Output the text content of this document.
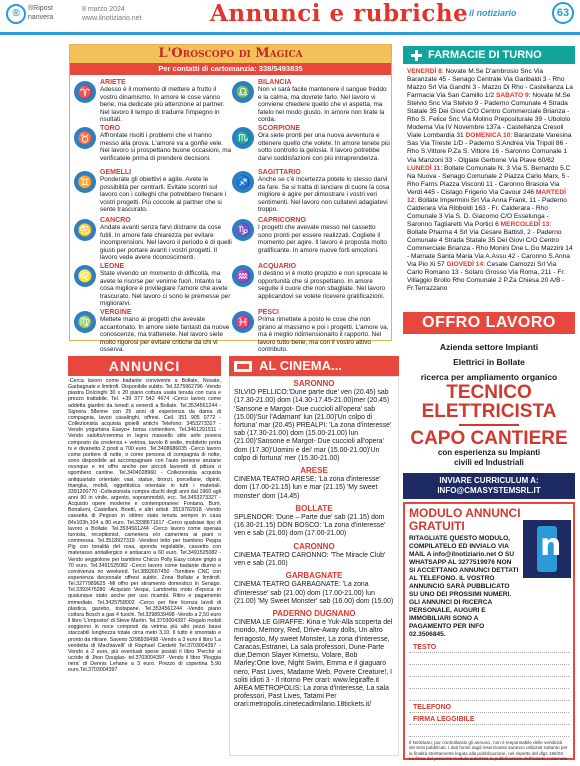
®	®Ripost
nanvera
8 marzo 2024
www.ilnotiziario.net	Annunci e rubriche il notiziario	63
L'Oroscopo di Magica
Per contatti di cartomanzia: 338/5493835
♈
ARIETE
Adesso è il momento di mettere a frutto il vostro dinamismo. In amore le cose vanno bene, ma dedicate più attenzione al partner. Nel lavoro il tempo di tradurre l'impegno in risultati.
♉
TORO
Affrontate risolti i problemi che vi hanno messo alla prova. L'amore va a gonfie vele. Nel lavoro si prospettano buone occasioni, ma verificatele prima di prendere decisioni.
♊
GEMELLI
Ponderate gli obiettivi e agite. Avete le possibilità per centrarli. Evitate scontri sul lavoro con i colleghi che potrebbero frenare i vostri progetti. Più coccole al partner che si sente trascurato.
♋
CANCRO
Andate avanti senza farvi distrarre da cose futili. In amore fate chiarezza per evitare incomprensioni. Nel lavoro il periodo è di quelli giusti per portare avanti i vostri progetti. Il lavoro vede avere riconoscimenti.
♌
LEONE
State vivendo un momento di difficoltà, ma avete le risorse per venirne fuori. Intanto la cosa migliore è privilegiare l'amore che avete trascurato. Nel lavoro ci sono le premesse per migliorarvi.
♍
VERGINE
Mettete mano ai progetti che avevate accantonato. In amore siete fantasti da nuove conoscenze, ma trattenete. Nel lavoro siete molto rigorosi per evitare critiche da chi vi osserva.
♎
BILANCIA
Non vi sarà facile mantenere il sangue freddo e la calma, ma dovrete farlo. Nel lavoro vi conviene chiedere quello che vi aspetta, ma fatelo nel modo giusto. In amore non tirate la corda.
♏
SCORPIONE
Ora siete pronti per una nuova avventura e ottenere quello che volete. In amore tenete più sotto controllo la gelosia. Il lavoro potrebbe darvi soddisfazioni con più intraprendenza.
♐
SAGITTARIO
Anche se c'è incertezza potete lo stesso darvi da fare. Se si tratta di lanciare di cuore la cosa migliore è agire per dimostrare i vostri veri sentimenti. Nel lavoro non cullatevi adagiatevi troppo.
♑
CAPRICORNO
I progetti che avevate messo nel cassetto sono pronti per essere realizzati. Cogliete il momento per agire. Il lavoro è proposta molto gratificante. In amore nuove forti emozioni.
♒
ACQUARIO
Il destino vi è molto propizio e non sprecate le opportunità che si prospettano. In amore seguite il cuore che non sbagliate. Nel lavoro applicandovi se volete ricevere gratificazioni.
♓
PESCI
Prima rimettete a posto le cose che non girano al massimo e poi i progetti. L'amore va, ma è meglio ridimensionarlo il rapporto. Nel lavoro tutto bene, ma con il vostro attivo contributo.
FARMACIE DI TURNO
VENERDÌ 8: Novate M.Se D'ambrosio Snc Via Baranzate 45 - Senago Centrale Via Garibaldi 3 - Rho Mazzo Srl Via Gandhi 3 - Mazzo Di Rho - Castellanza La Farmacia Via San Camillo 1/2 SABATO 9: Novate M.Se Stelvio Snc Via Stelvio 9 - Paderno Comunale 4 Strada Statale 35 Dei Giovi C/O Centro Commerciale Brianza - Rho S. Felice Snc Via Molino Prepositurale 39 - Ubololo Modema Via IV Novembre 137a - Castellanza Cresoli Viale Lombardia 31 DOMENICA 10: Baranzate Varesina Sas Via Trieste 1/D - Paderno S.Andrea Via Tripoli 86 - Rho S.Vittore P.Za S. Vittore 16 - Saronno Comunale 1 Via Manzoni 33 - Olgiate Gerbone Via Piave 60/62 LUNEDÌ 11: Bollate Comunale N. 3 Via S. Bernardo 5.C Na Nuova - Senago Comunale 2 Piazza Carlo Marx, 5 - Rho Farris Piazza Visconti 11 - Caronno Brasola Via Verdi 445 - Cislago Frigerio Via Cavour 246 MARTEDÌ 12: Bollate Impermini Srl Via Anna Frank, 11 - Paderno Calderara Via Ribboldi 163 - Fr. Calderara - Rho Comunale 3 Via S. D. Giacomo C/O Esselunga - Saronno Tagliaretti Via Portici 6 MERCOLEDÌ 13: Bollate Pharma 4 Srl Via Cesare Battisti, 2 - Paderno Comunale 4 Strada Statale 35 Dei Giovi C/O Centro Commerciale Brianza - Rho Monini Dne L.Go Mazzini 14 - Marnate Santa Maria Via A.Assu 42 - Caronno S.Anna Via Pio Xi 57 GIOVEDÌ 14: Cesate Camozzi Srl Via Carlo Romano 13 - Solaro Grosso Via Roma, 211 - Fr. Villaggio Brollo Rho Comunale 2 P.Za Chiesa 20 A/B - Fr.Terrazzano
OFFRO LAVORO
Azienda settore Impianti
Elettrici in Bollate
ricerca per ampliamento organico
TECNICO
ELETTRICISTA
CAPO CANTIERE
con esperienza su Impianti
civili ed Industriali
INVIARE CURRICULUM A:
INFO@CMASYSTEMSRL.IT
MODULO ANNUNCI
GRATUITI
n
RITAGLIATE QUESTO MODULO, COMPILATELO ED INVIALO VIA MAIL A info@ilnotiziario.net O SU WHATSAPP AL 3277519976 NON SI ACCETTANO ANNUNCI DETTATI AL TELEFONO. IL VOSTRO ANNUNCIO SARÀ PUBBLICATO SU UNO DEI PROSSIMI NUMERI. GLI ANNUNCI DI RICERCA PERSONALE, AUGURI E IMMOBILIARI SONO A PAGAMENTO PER INFO 02.3506845.
TESTO
TELEFONO
FIRMA LEGGIBILE
Il Notiziario, pur controllando gli annunci, non è responsabile delle veridicità dei testi pubblicati. I dati forniti dagli inserzionisti saranno utilizzati soltanto per la finalità strettamente legata alla pubblicazione, nel rispetto del dlgs 196/03. La firma del presente modulo autorizza la pubblicazione dell'inserto contenuto.
ANNUNCI
-Cerca lavoro come badante convivente a Bollate, Novate, Garbagnate e limitrofi. Disponibile subito. Tel.3275962796 -Vendo piastra Dolcinghi 30 x 20 piano cottura usata tenuta con cura e prezzo trattabile. Tel. +39 377 542 4674 -Cerco lavoro come addetta giardini da lunedì a venerdì a Bollate. Tel.3534561244 -Signora 58enne con 25 anni di esperienza da dama di compagnia, lavori casalinghi, offresi. Cell. 351 905 0772 -Collezionista acquista gioielli antichi Telefono: 3453273327 -Vendo yogurtiera Easyo+ borsa contenitore. Tel.3461291511 -Vendo salotto/cremma in legno massello stile anfe povera composto da credenza + vetrina, tavolo 8 sedie, mobiletto porta tv e divanetto 2 posti a 700 euro. Tel.3408686035 -Cerco lavoro come portiere di notte, o come persona di compagnia di notte, sono disponibile ad accompagnare con l'auto persone anziane ovunque e mi offro anche per piccoli lavoretti di pittura o sgombero cantine. Tel.3404028960 - Collezionista acquista antiquariato orientale: vasi, statue, bronzi, porcellane, dipinti, thangka, mobili, oggettistica orientale in tutti i materiali. 3391200770 -Collezionista compra dischi degli anni dal 1960 agli anni 90 in vinile, argento, soprammobili, ecc. Tel.3453273327 -Acquisto opere moderne e contemporanee: Fontana, Burri, Bonalumi, Castellani, Boetti, e altri artisti. 3519782918 -Vendo cassetta di Pegoso in ottimo stato tenuta sempre in casa 84x103h,104 a 80 euro. Tel.3338671617 -Cerco qualsiasi tipo di lavoro a Bollate. Tel.3534561244 -Cerco lavoro come operaia turnista, receptionist, cameriera e/o cameriera ai piani o commessa. Tel.3518927319 -Vendesi letto per bambino Peppa Pig con tonalità del rosa, sponda regolabile, cassetto con materasso antiallergico e antiacaro a 60 euro. Tel.3491525082 -Vendo seggiolone per bambino Chicco Polly Easy colore grigio a 70 euro. Tel.3491525082 -Cerco lavoro come badante diurno e convivenza no weekend. Tel.3892667450 -Tornitore CNC con esperienza decennale offresi subito. Zona Bollate e limitrofi. Tel.3277989625 -Mi offro per stiramento domestico in Senago. Tel.3393475280 -Acquisto Vespa, Lambretta moto d'epoca in qualunque stato anche per uso ricambi. Ritiro e pagamento immediato. Tel.3425758002 -Cerco per fine licenza lavoli di plastica, gazebo, tostapane, Tel.3534561244 -Vendo piano cottura Bosch a gas 4 fuochi. Tel.3298939498 -Vendo a 2,50 euro il libro 'L'impostor' di Steve Martin. Tel.3703004397 -Regalo mobili soggiorno in noce composti da vetrina più altri pezzi bassi staccabili lunghezza totale circa metri 3,10. Il tutto è smontato e pronto da ritirare. Saverio 3298939498 -Vendo a 3 euro il libro 'La vendetta di Machiavelli' di Raphael Cardetti Tel.3703004397 -Vendo a 2 euro, più eventuali spese postali il libro 'Perché si uccide di Jhon Douglas- tel.3703004397 -Vendo il libro 'Pioggia nera' di Dennis Lehane a 3 euro. Prezzo di copertina 5,90 euro.Tel.3703004397
AL CINEMA...
SARONNO
SILVIO PELLICO:'Dune parte due' ven (20.45) sab (17.30-21.00) dom (14.30-17.45-21.00)mer (20.45) 'Sansone e Margot- Due cuccioli all'opera' sab (15.00)'Sur l'Adamant' lun (21.00)'Un colpo di fortuna' mar (20.45) PREALPI: 'La zona d'interesse' sab (17.30-21.00) dom (15.00-21.00) lun (21.00)'Sansone e Margot- Due cuccioli all'opera' dom (17.30)'Uomini e dei' mar (15.00-21.00)'Un colpo di fortuna' mer (15.30-21.00)
ARESE
CINEMA TEATRO ARESE: 'La zona d'interesse' dom (17.00-21.15) lun e mar (21.15) 'My sweet monster' dom (14.45)
BOLLATE
SPLENDOR: 'Dune – Parte due' sab (21.15) dom (16.30-21.15) DON BOSCO: 'La zona d'interesse' ven e sab (21.00) dom (17.00-21.00)
CARONNO
CINEMA TEATRO CARONNO: 'The Miracle Club' ven e sab (21.00)
GARBAGNATE
CINEMA TEATRO GARBAGNATE: 'La zona d'interesse' sab (21.00) dom (17.00-21.00) lun (21.00) 'My Sweet Monster' sab (16.00) dom (15.00)
PADERNO DUGNANO
CINEMA LE GIRAFFE: Kina e Yuk-Alla scoperta del mondo, Memory, Red, Drive-Away dolls, Un altro ferragosto, My sweet Monster, La zona d'interesse, Caracas,Estranei, La sala professori, Dune-Parte due,Demon Slayer Kimetsu, Volare, Bob Marley:One love, Night Swim, Emma e il giaguaro nero, Past Lives, Madame Web, Povere Creature!, I soliti idioti 3 - Il ritorno Per orari: www.legiraffe.it AREA METROPOLIS: La zona d'interesse, La sala professori, Past Lives, Tatami Per orari:metropolis.cinetecadimilano.18tickets.it/
